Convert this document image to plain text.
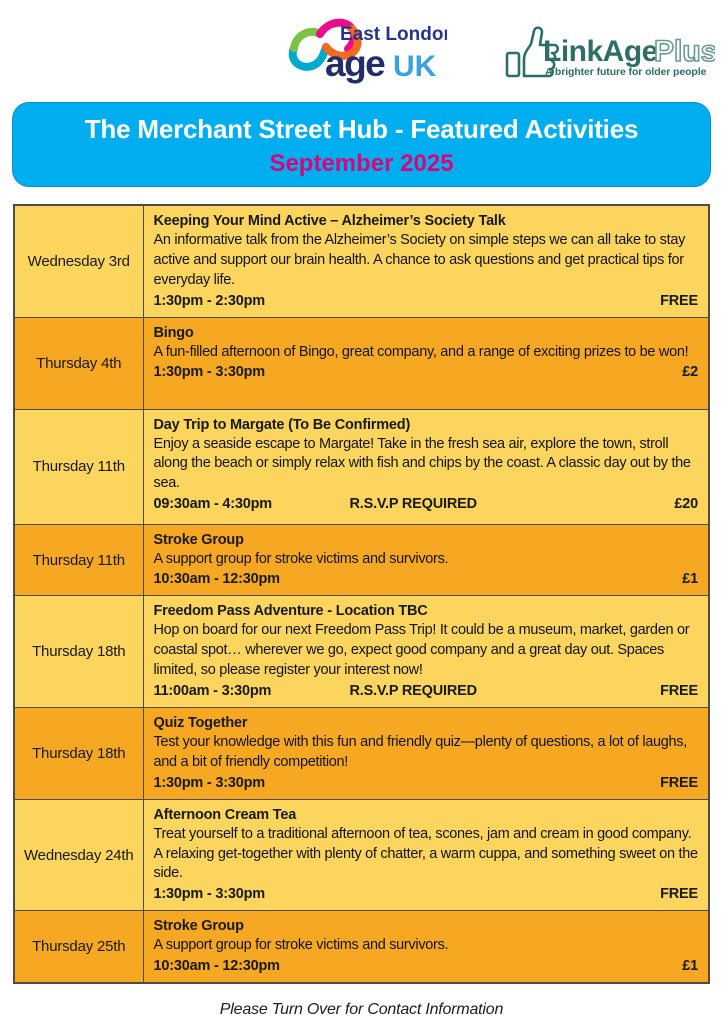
East London
age UK	LinkAge
Plus
A brighter future for older people
The Merchant Street Hub - Featured Activities
September 2025
Wednesday 3rd	Keeping Your Mind Active – Alzheimer’s Society Talk
An informative talk from the Alzheimer’s Society on simple steps we can all take to stay active and support our brain health. A chance to ask questions and get practical tips for everyday life.
1:30pm - 2:30pm FREE

Thursday 4th	Bingo
A fun-filled afternoon of Bingo, great company, and a range of exciting prizes to be won!
1:30pm - 3:30pm £2

Thursday 11th	Day Trip to Margate (To Be Confirmed)
Enjoy a seaside escape to Margate! Take in the fresh sea air, explore the town, stroll along the beach or simply relax with fish and chips by the coast. A classic day out by the sea.
09:30am - 4:30pm R.S.V.P REQUIRED £20

Thursday 11th	Stroke Group
A support group for stroke victims and survivors.
10:30am - 12:30pm £1

Thursday 18th	Freedom Pass Adventure - Location TBC
Hop on board for our next Freedom Pass Trip! It could be a museum, market, garden or coastal spot… wherever we go, expect good company and a great day out. Spaces limited, so please register your interest now!
11:00am - 3:30pm R.S.V.P REQUIRED FREE

Thursday 18th	Quiz Together
Test your knowledge with this fun and friendly quiz—plenty of questions, a lot of laughs, and a bit of friendly competition!
1:30pm - 3:30pm FREE

Wednesday 24th	Afternoon Cream Tea
Treat yourself to a traditional afternoon of tea, scones, jam and cream in good company. A relaxing get-together with plenty of chatter, a warm cuppa, and something sweet on the side.
1:30pm - 3:30pm FREE

Thursday 25th	Stroke Group
A support group for stroke victims and survivors.
10:30am - 12:30pm £1
Please Turn Over for Contact Information
